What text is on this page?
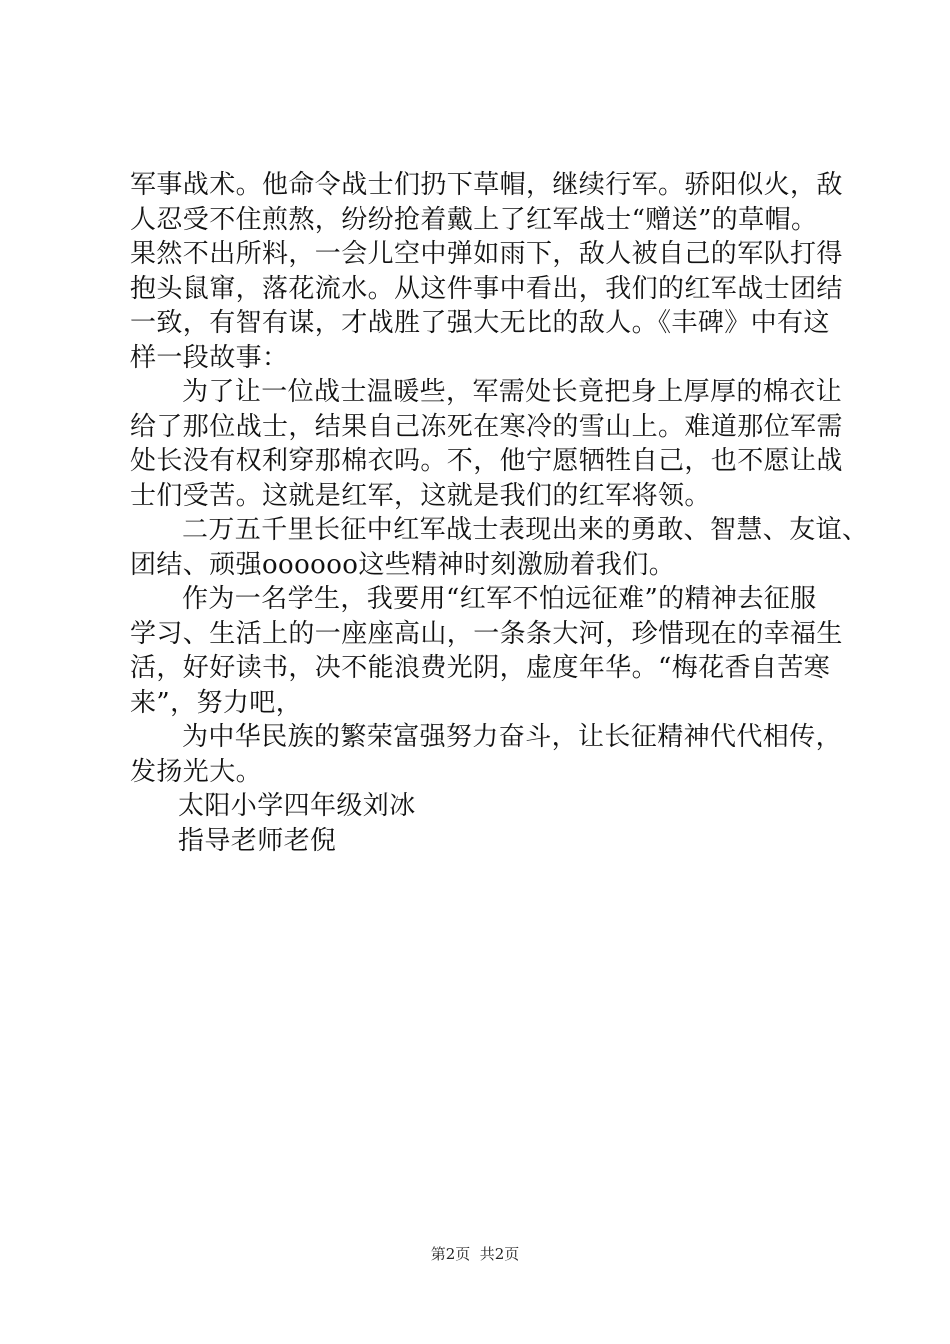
军事战术。他命令战士们扔下草帽，继续行军。骄阳似火，敌
人忍受不住煎熬，纷纷抢着戴上了红军战士“赠送”的草帽。
果然不出所料，一会儿空中弹如雨下，敌人被自己的军队打得
抱头鼠窜，落花流水。从这件事中看出，我们的红军战士团结
一致，有智有谋，才战胜了强大无比的敌人。《丰碑》中有这
样一段故事：
为了让一位战士温暖些，军需处长竟把身上厚厚的棉衣让
给了那位战士，结果自己冻死在寒冷的雪山上。难道那位军需
处长没有权利穿那棉衣吗。不，他宁愿牺牲自己，也不愿让战
士们受苦。这就是红军，这就是我们的红军将领。
二万五千里长征中红军战士表现出来的勇敢、智慧、友谊、
团结、顽强oooooo这些精神时刻激励着我们。
作为一名学生，我要用“红军不怕远征难”的精神去征服
学习、生活上的一座座高山，一条条大河，珍惜现在的幸福生
活，好好读书，决不能浪费光阴，虚度年华。“梅花香自苦寒
来”，努力吧，
为中华民族的繁荣富强努力奋斗，让长征精神代代相传，
发扬光大。
太阳小学四年级刘冰
指导老师老倪
第2页  共2页
